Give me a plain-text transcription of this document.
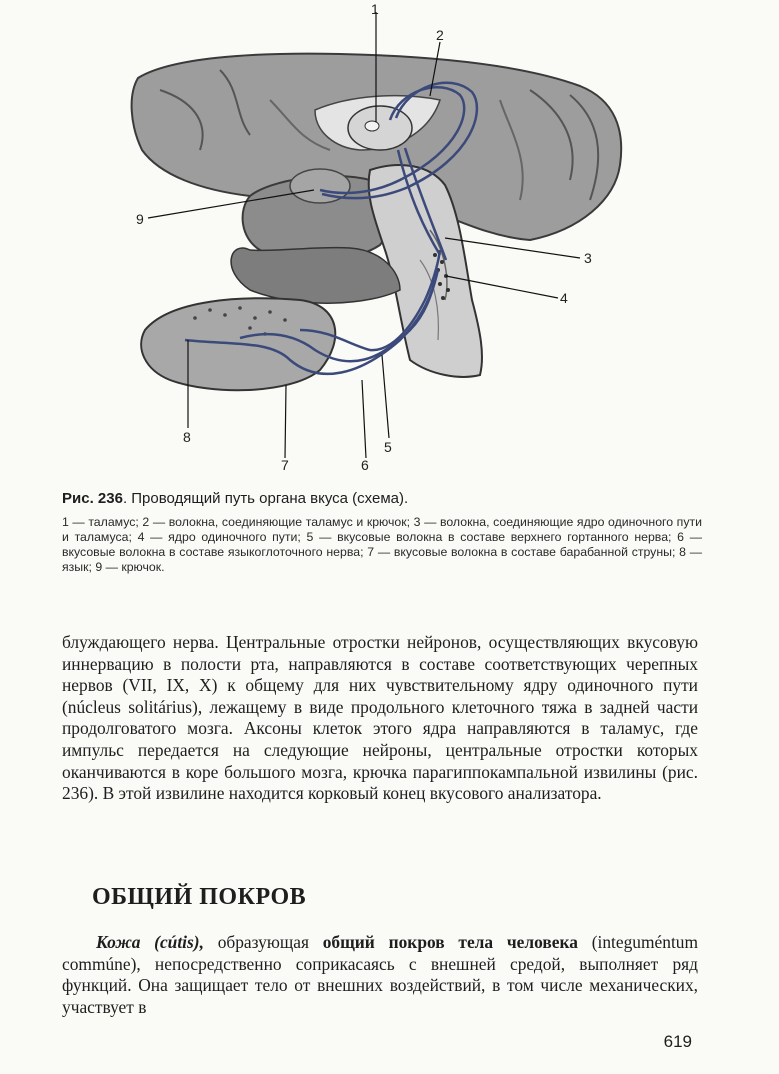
1
2
3
4
5
6
7
8
9

Рис. 236. Проводящий путь органа вкуса (схема).

1 — таламус; 2 — волокна, соединяющие таламус и крючок; 3 — волокна, соединяющие ядро одиночного пути и таламуса; 4 — ядро одиночного пути; 5 — вкусовые волокна в составе верхнего гортанного нерва; 6 — вкусовые волокна в составе языкоглоточного нерва; 7 — вкусовые волокна в составе барабанной струны; 8 — язык; 9 — крючок.

блуждающего нерва. Центральные отростки нейронов, осуществляющих вкусовую иннервацию в полости рта, направляются в составе соответствующих черепных нервов (VII, IX, X) к общему для них чувствительному ядру одиночного пути (núcleus solitárius), лежащему в виде продольного клеточного тяжа в задней части продолговатого мозга. Аксоны клеток этого ядра направляются в таламус, где импульс передается на следующие нейроны, центральные отростки которых оканчиваются в коре большого мозга, крючка парагиппокампальной извилины (рис. 236). В этой извилине находится корковый конец вкусового анализатора.

ОБЩИЙ ПОКРОВ

Кожа (cútis), образующая общий покров тела человека (integuméntum commúne), непосредственно соприкасаясь с внешней средой, выполняет ряд функций. Она защищает тело от внешних воздействий, в том числе механических, участвует в

619
